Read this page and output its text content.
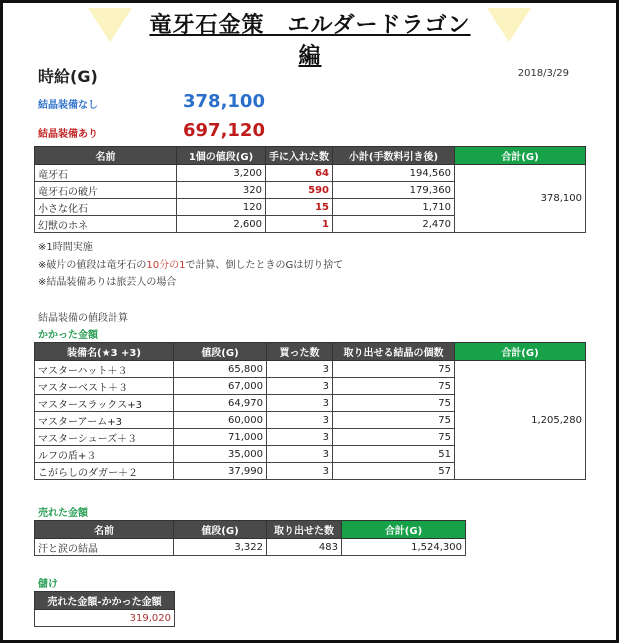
竜牙石金策　エルダードラゴン編
時給(G)	2018/3/29
結晶装備なし	378,100
結晶装備あり	697,120
名前	1個の値段(G)	手に入れた数	小計(手数料引き後)	合計(G)
竜牙石	3,200	64	194,560	378,100
竜牙石の破片	320	590	179,360	
小さな化石	120	15	1,710	
幻獣のホネ	2,600	1	2,470	
※1時間実施
※破片の値段は竜牙石の10分の1で計算、倒したときのGは切り捨て
※結晶装備ありは旅芸人の場合
結晶装備の値段計算
かかった金額
装備名(★3 +3)	値段(G)	買った数	取り出せる結晶の個数	合計(G)
マスターハット＋３	65,800	3	75	1,205,280
マスターベスト＋３	67,000	3	75	
マスタースラックス+3	64,970	3	75	
マスターアーム+3	60,000	3	75	
マスターシューズ＋３	71,000	3	75	
ルフの盾+３	35,000	3	51	
こがらしのダガー＋２	37,990	3	57	
売れた金額
名前	値段(G)	取り出せた数	合計(G)
汗と涙の結晶	3,322	483	1,524,300
儲け
売れた金額-かかった金額
319,020
